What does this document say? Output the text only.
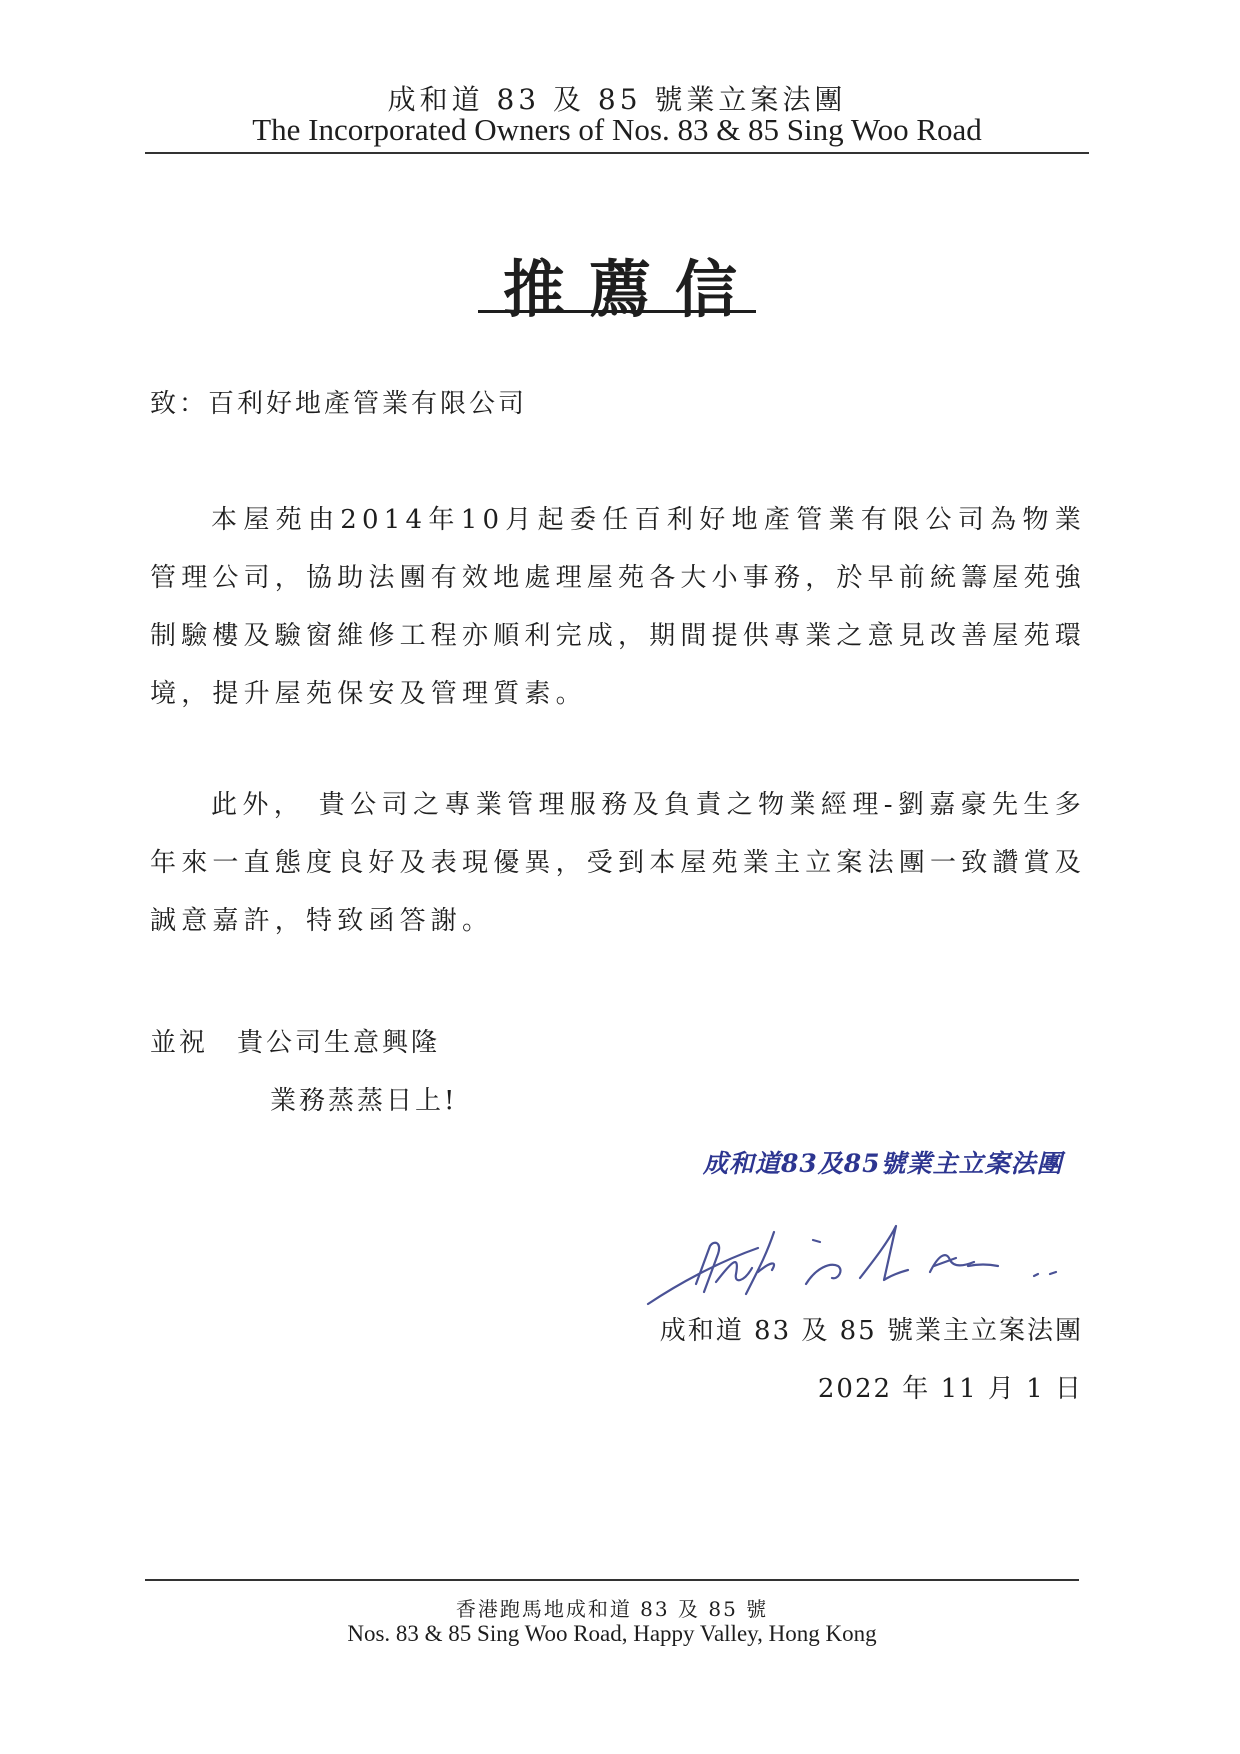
成和道 83 及 85 號業立案法團
The Incorporated Owners of Nos. 83 & 85 Sing Woo Road
推薦信
致：百利好地產管業有限公司
本屋苑由2014年10月起委任百利好地產管業有限公司為物業管理公司，協助法團有效地處理屋苑各大小事務，於早前統籌屋苑強制驗樓及驗窗維修工程亦順利完成，期間提供專業之意見改善屋苑環境，提升屋苑保安及管理質素。
此外， 貴公司之專業管理服務及負責之物業經理-劉嘉豪先生多年來一直態度良好及表現優異，受到本屋苑業主立案法團一致讚賞及誠意嘉許，特致函答謝。
並祝　貴公司生意興隆
業務蒸蒸日上!
成和道83及85號業主立案法團
成和道 83 及 85 號業主立案法團
2022 年 11 月 1 日
香港跑馬地成和道 83 及 85 號
Nos. 83 & 85 Sing Woo Road, Happy Valley, Hong Kong
